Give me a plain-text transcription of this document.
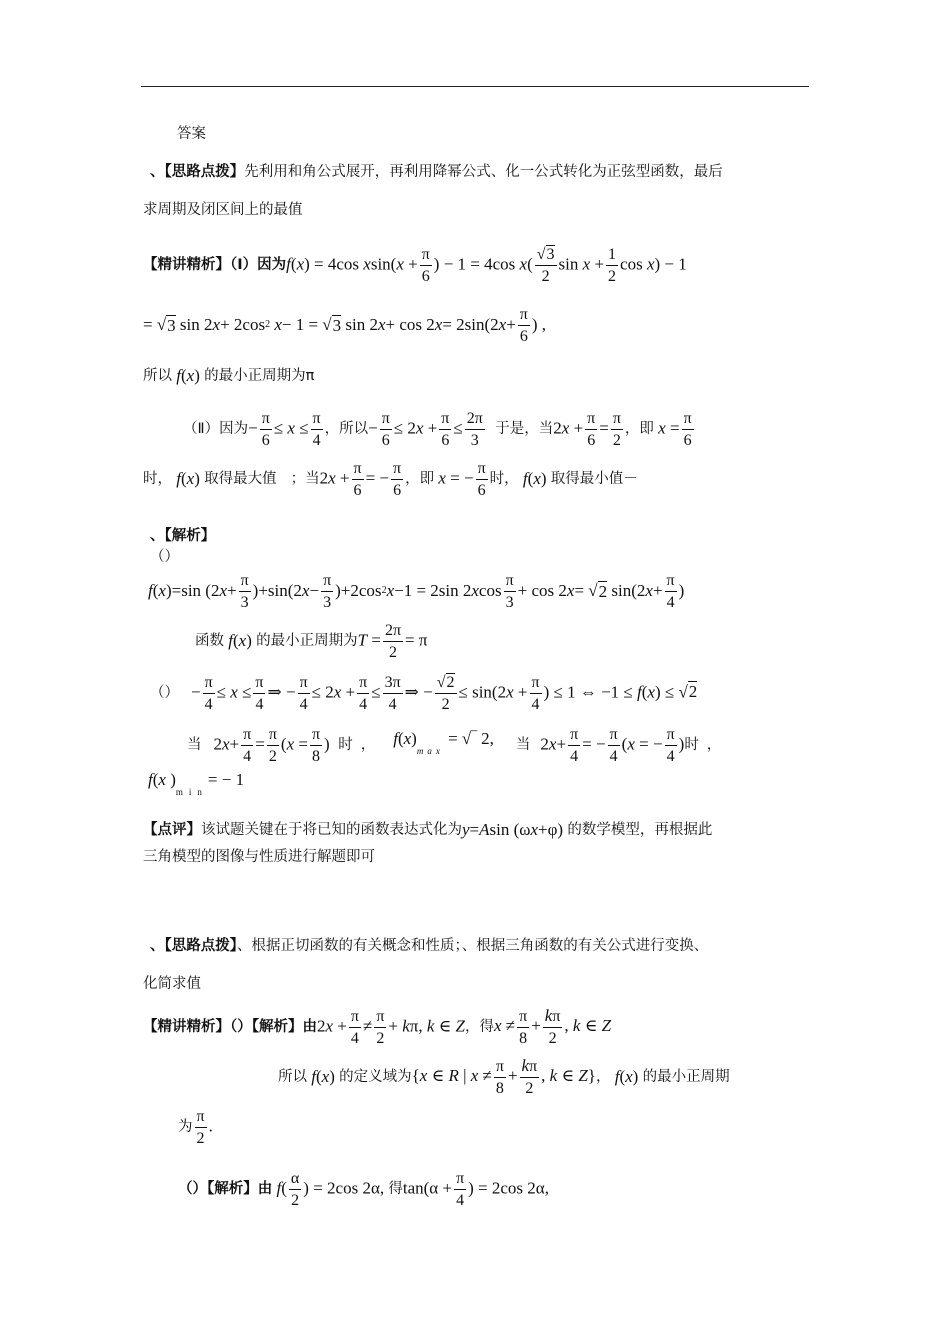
答案
、【思路点拨】先利用和角公式展开，再利用降幂公式、化一公式转化为正弦型函数，最后
求周期及闭区间上的最值
【精讲精析】（Ⅰ）因为 f(x) = 4cos $xsin(x + \frac{\pi}{6}$ ) − 1 = 4cos $x( \frac{√3}{2}$ $\sin x + \frac{1}{2}$ cos x) − 1
= √ 3 sin 2 x + 2cos 2
x − 1 = √ 3 sin 2 x + cos 2 x = 2sin(2 $x + \frac{\pi}{6}$ ) ,
所以 f(x) 的最小正周期为π
（Ⅱ）因为 − $\frac{\pi}{6} \le x \le \frac{\pi}{4}$ ，所以 − $\frac{\pi}{6} \le 2x + \frac{\pi}{6} \le \frac{2\pi}{3}$
于是，当 $2x + \frac{\pi}{6} = \frac{\pi}{2}$ ，即 $x = \frac{\pi}{6}$
时， f(x) 取得最大值 ；当 $2x + \frac{\pi}{6}$ = − $\frac{\pi}{6}$ ，即 x = − $\frac{\pi}{6}$ 时， f(x) 取得最小值－
、【解析】
（）
f ( x )=sin (2 $x + \frac{\pi}{3} )+\sin(2$ $x - \frac{\pi}{3} )+2\cos$ 2 x −1 = 2sin 2 x $\cos \frac{\pi}{3} + \cos 2$ x = √ 2 sin(2 $x + \frac{\pi}{4}$ )
函数 f(x) 的最小正周期为 $T = \frac{2\pi}{2} = \pi$
（） − $\frac{\pi}{4} \le x \le \frac{\pi}{4}$ ⇒ − $\frac{\pi}{4} \le 2x + \frac{\pi}{4} \le \frac{3\pi}{4}$ ⇒ − $\frac{√2}{2} \le \sin(2x + \frac{\pi}{4}$ ) ≤ 1 ⇔ −1 ≤ f(x) ≤ √2
当 $2x+ \frac{\pi}{4} = \frac{\pi}{2} (x = \frac{\pi}{8}$ ) 时， $f(x)_{max}$ = √‾ 2, 当 $2x+ \frac{\pi}{4}$ = − $\frac{\pi}{4} (x$ = − $\frac{\pi}{4}$ ) 时，
f(x )$_{min}= - 1$
【点评】 该试题关键在于将已知的函数表达式化为 y=Asin (ωx+φ) 的数学模型，再根据此
三角模型的图像与性质进行解题即可
、【思路点拨】、根据正切函数的有关概念和性质；、根据三角函数的有关公式进行变换、
化简求值
【精讲精析】（）【解析】由 $2x + \frac{\pi}{4} \ne \frac{\pi}{2} + k\pi$, k ∈ Z ，得 $x \ne \frac{\pi}{8} + \frac{k\pi}{2}$ , k ∈ Z
所以 f(x) 的定义域为 {x ∈ R | $x \ne \frac{\pi}{8} + \frac{k\pi}{2}$ , k ∈ Z} ， f(x) 的最小正周期
为 $\frac{\pi}{2}$ .
（）【解析】由 $f( \frac{\alpha}{2}$ ) = 2cos 2α, 得 $\tan(\alpha + \frac{\pi}{4}$ ) = 2cos 2α,
